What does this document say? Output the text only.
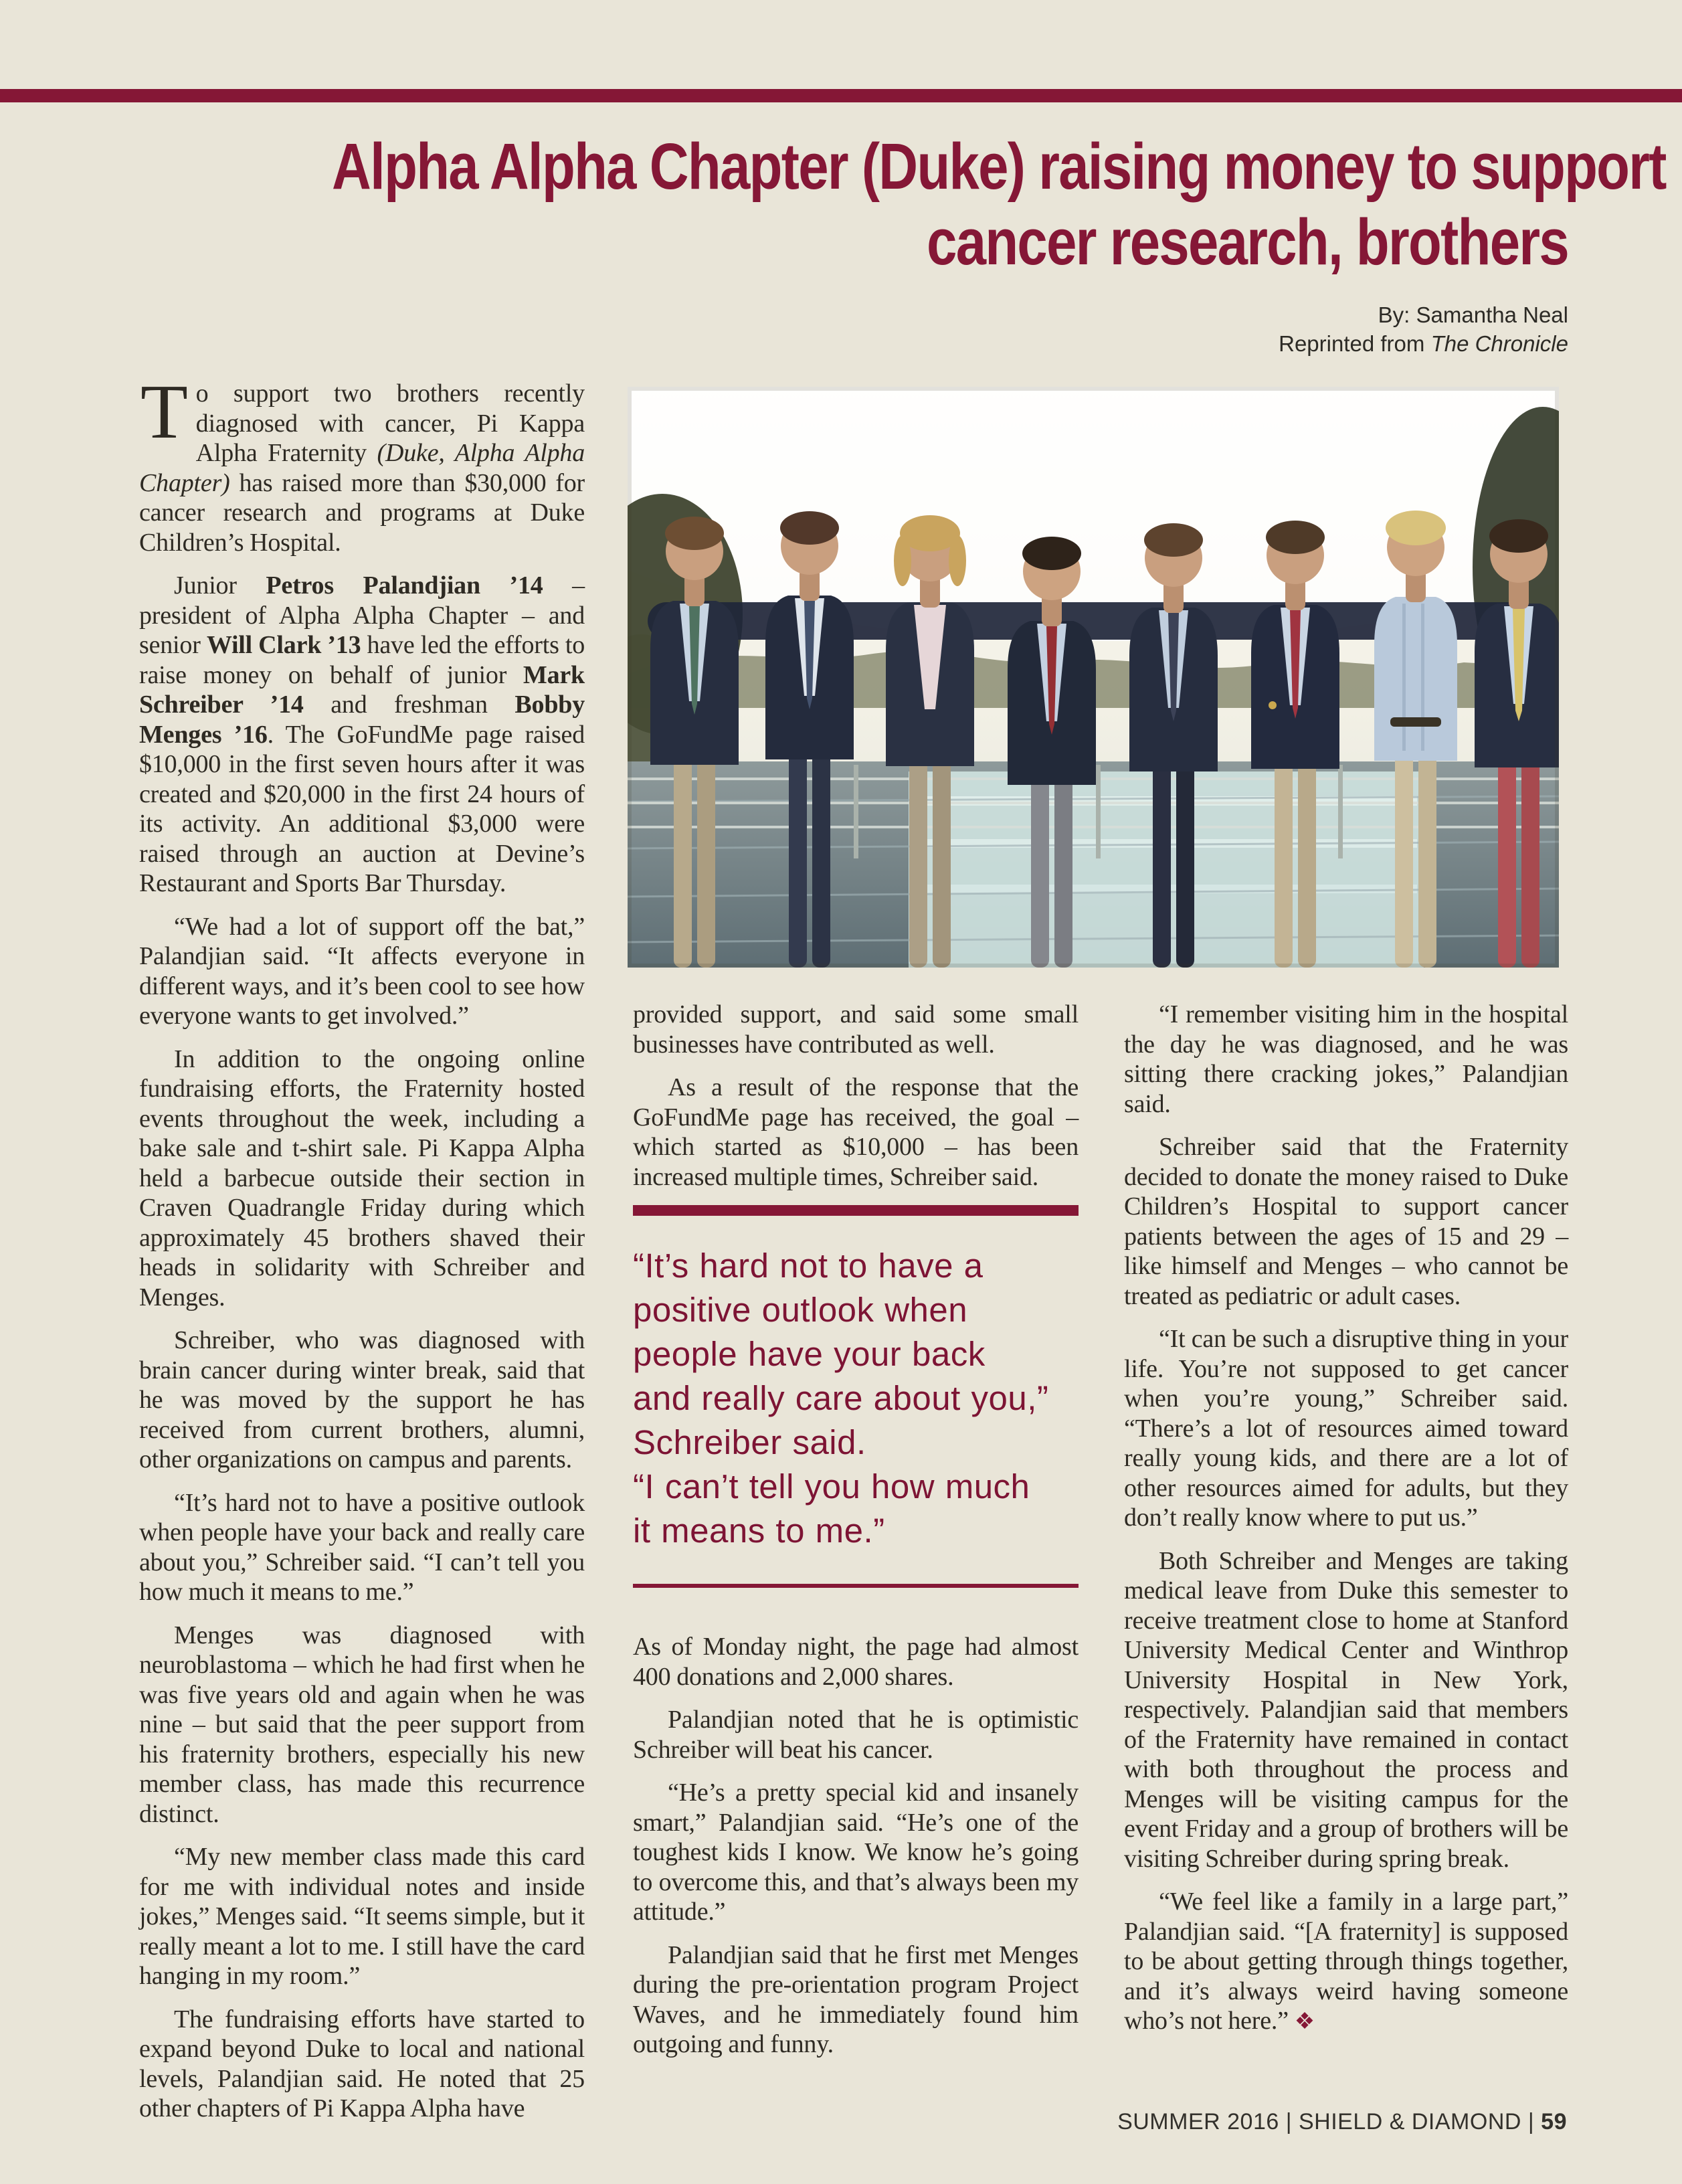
Alpha Alpha Chapter (Duke) raising money to support
cancer research, brothers
By: Samantha Neal
Reprinted from The Chronicle

To support two brothers recently diagnosed with cancer, Pi Kappa Alpha Fraternity (Duke, Alpha Alpha Chapter) has raised more than $30,000 for cancer research and programs at Duke Children’s Hospital.

Junior Petros Palandjian ’14 – president of Alpha Alpha Chapter – and senior Will Clark ’13 have led the efforts to raise money on behalf of junior Mark Schreiber ’14 and freshman Bobby Menges ’16. The GoFundMe page raised $10,000 in the first seven hours after it was created and $20,000 in the first 24 hours of its activity. An additional $3,000 were raised through an auction at Devine’s Restaurant and Sports Bar Thursday.

“We had a lot of support off the bat,” Palandjian said. “It affects everyone in different ways, and it’s been cool to see how everyone wants to get involved.”

In addition to the ongoing online fundraising efforts, the Fraternity hosted events throughout the week, including a bake sale and t-shirt sale. Pi Kappa Alpha held a barbecue outside their section in Craven Quadrangle Friday during which approximately 45 brothers shaved their heads in solidarity with Schreiber and Menges.

Schreiber, who was diagnosed with brain cancer during winter break, said that he was moved by the support he has received from current brothers, alumni, other organizations on campus and parents.

“It’s hard not to have a positive outlook when people have your back and really care about you,” Schreiber said. “I can’t tell you how much it means to me.”

Menges was diagnosed with neuroblastoma – which he had first when he was five years old and again when he was nine – but said that the peer support from his fraternity brothers, especially his new member class, has made this recurrence distinct.

“My new member class made this card for me with individual notes and inside jokes,” Menges said. “It seems simple, but it really meant a lot to me. I still have the card hanging in my room.”

The fundraising efforts have started to expand beyond Duke to local and national levels, Palandjian said. He noted that 25 other chapters of Pi Kappa Alpha have

provided support, and said some small businesses have contributed as well.

As a result of the response that the GoFundMe page has received, the goal – which started as $10,000 – has been increased multiple times, Schreiber said.

“It’s hard not to have a

positive outlook when

people have your back

and really care about you,”

Schreiber said.

“I can’t tell you how much

it means to me.”

As of Monday night, the page had almost 400 donations and 2,000 shares.

Palandjian noted that he is optimistic Schreiber will beat his cancer.

“He’s a pretty special kid and insanely smart,” Palandjian said. “He’s one of the toughest kids I know. We know he’s going to overcome this, and that’s always been my attitude.”

Palandjian said that he first met Menges during the pre-orientation program Project Waves, and he immediately found him outgoing and funny.

“I remember visiting him in the hospital the day he was diagnosed, and he was sitting there cracking jokes,” Palandjian said.

Schreiber said that the Fraternity decided to donate the money raised to Duke Children’s Hospital to support cancer patients between the ages of 15 and 29 – like himself and Menges – who cannot be treated as pediatric or adult cases.

“It can be such a disruptive thing in your life. You’re not supposed to get cancer when you’re young,” Schreiber said. “There’s a lot of resources aimed toward really young kids, and there are a lot of other resources aimed for adults, but they don’t really know where to put us.”

Both Schreiber and Menges are taking medical leave from Duke this semester to receive treatment close to home at Stanford University Medical Center and Winthrop University Hospital in New York, respectively. Palandjian said that members of the Fraternity have remained in contact with both throughout the process and Menges will be visiting campus for the event Friday and a group of brothers will be visiting Schreiber during spring break.

“We feel like a family in a large part,” Palandjian said. “[A fraternity] is supposed to be about getting through things together, and it’s always weird having someone who’s not here.” ❖

SUMMER 2016 | SHIELD & DIAMOND | 59
